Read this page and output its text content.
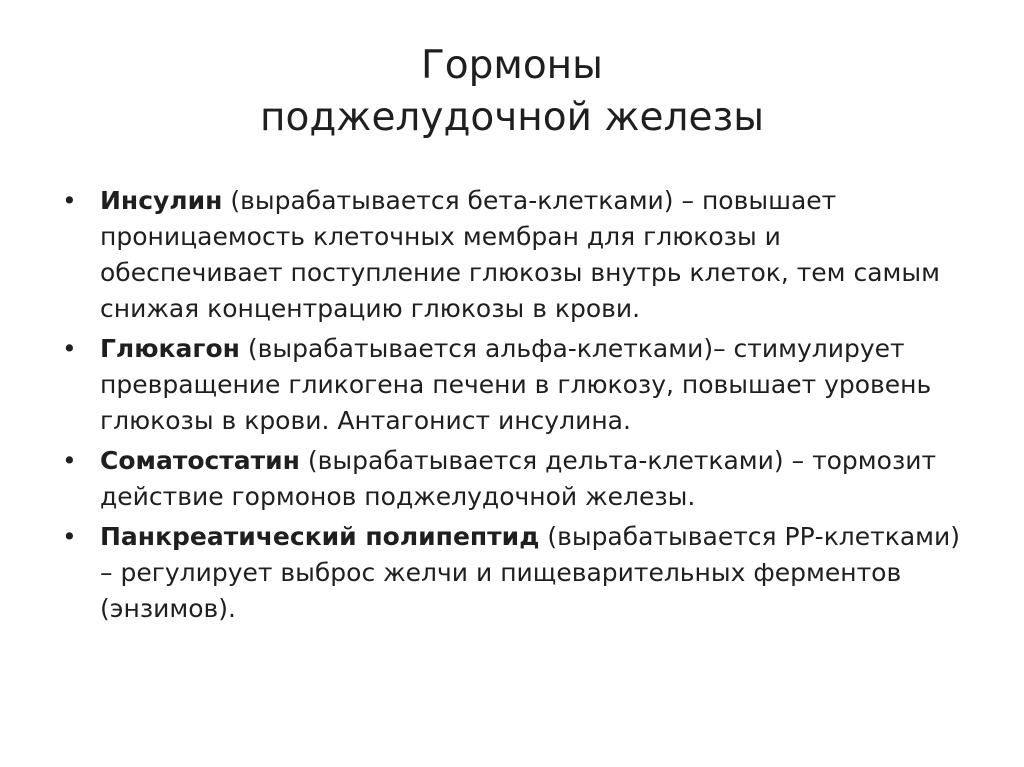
Гормоны
поджелудочной железы
• Инсулин (вырабатывается бета-клетками) – повышает проницаемость клеточных мембран для глюкозы и обеспечивает поступление глюкозы внутрь клеток, тем самым снижая концентрацию глюкозы в крови.
• Глюкагон (вырабатывается альфа-клетками)– стимулирует превращение гликогена печени в глюкозу, повышает уровень глюкозы в крови. Антагонист инсулина.
• Соматостатин (вырабатывается дельта-клетками) – тормозит действие гормонов поджелудочной железы.
• Панкреатический полипептид (вырабатывается РР-клетками) – регулирует выброс желчи и пищеварительных ферментов (энзимов).
